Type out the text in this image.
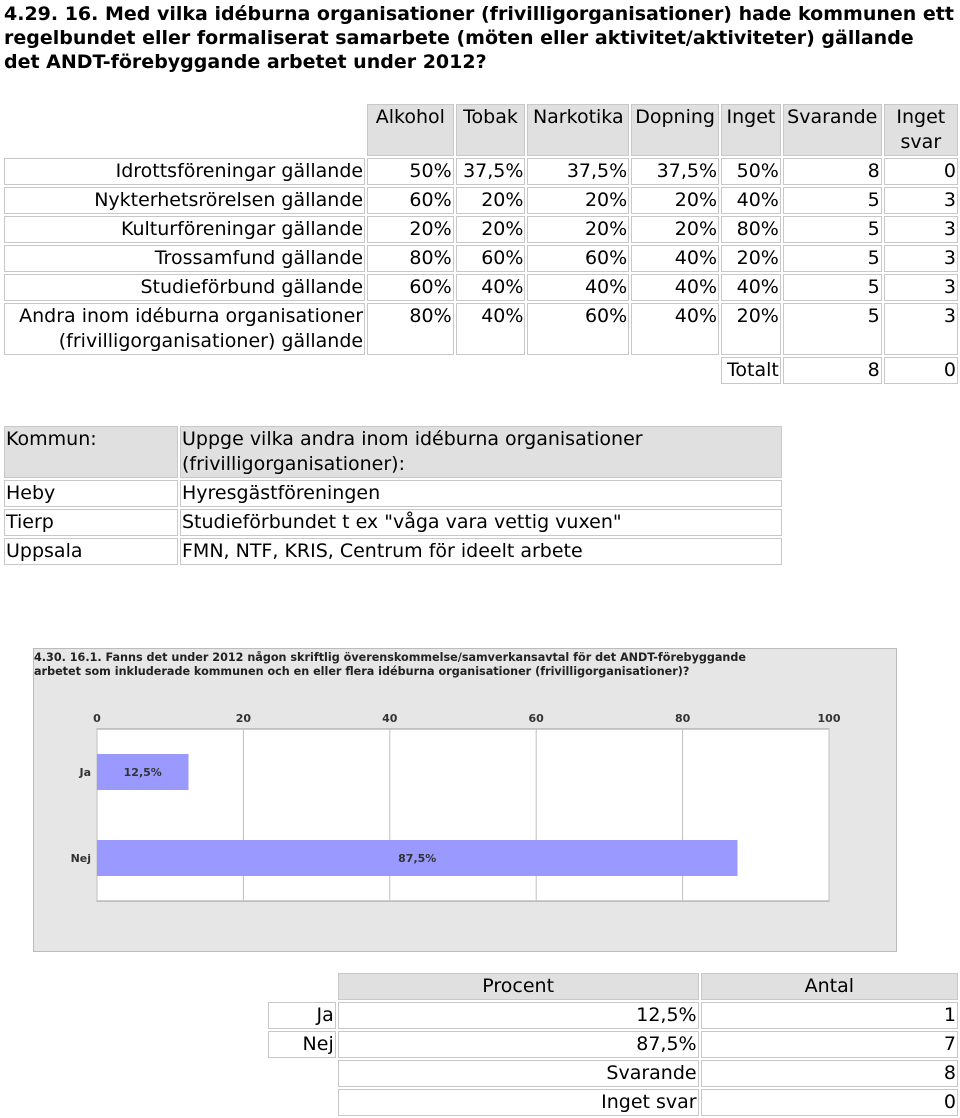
4.29. 16. Med vilka idéburna organisationer (frivilligorganisationer) hade kommunen ett regelbundet eller formaliserat samarbete (möten eller aktivitet/aktiviteter) gällande det ANDT-förebyggande arbetet under 2012?
	Alkohol	Tobak	Narkotika	Dopning	Inget	Svarande	Inget svar
Idrottsföreningar gällande	50%	37,5%	37,5%	37,5%	50%	8	0
Nykterhetsrörelsen gällande	60%	20%	20%	20%	40%	5	3
Kulturföreningar gällande	20%	20%	20%	20%	80%	5	3
Trossamfund gällande	80%	60%	60%	40%	20%	5	3
Studieförbund gällande	60%	40%	40%	40%	40%	5	3
Andra inom idéburna organisationer (frivilligorganisationer) gällande	80%	40%	60%	40%	20%	5	3
					Totalt	8	0
Kommun:	Uppge vilka andra inom idéburna organisationer (frivilligorganisationer):
Heby	Hyresgästföreningen
Tierp	Studieförbundet t ex "våga vara vettig vuxen"
Uppsala	FMN, NTF, KRIS, Centrum för ideelt arbete
4.30. 16.1. Fanns det under 2012 någon skriftlig överenskommelse/samverkansavtal för det ANDT-förebyggande arbetet som inkluderade kommunen och en eller flera idéburna organisationer (frivilligorganisationer)?
0	20	40	60	80	100
Ja	12,5%
Nej	87,5%
	Procent	Antal
Ja	12,5%	1
Nej	87,5%	7
	Svarande	8
	Inget svar	0
